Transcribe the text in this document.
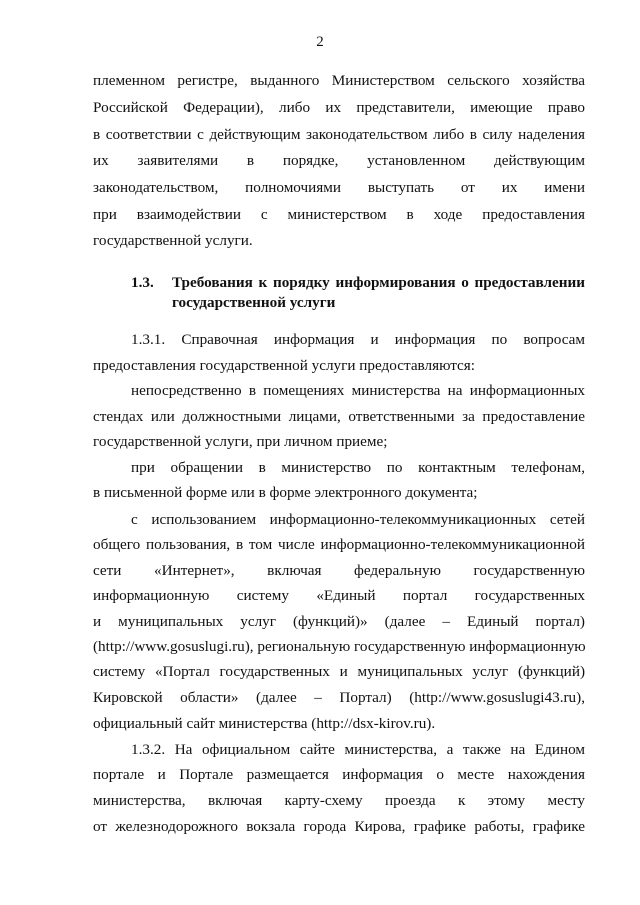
2
племенном регистре, выданного Министерством сельского хозяйства
Российской Федерации), либо их представители, имеющие право
в соответствии с действующим законодательством либо в силу наделения
их заявителями в порядке, установленном действующим
законодательством, полномочиями выступать от их имени
при взаимодействии с министерством в ходе предоставления
государственной услуги.
1.3. Требования к порядку информирования о предоставлении
государственной услуги
1.3.1. Справочная информация и информация по вопросам
предоставления государственной услуги предоставляются:
непосредственно в помещениях министерства на информационных
стендах или должностными лицами, ответственными за предоставление
государственной услуги, при личном приеме;
при обращении в министерство по контактным телефонам,
в письменной форме или в форме электронного документа;
с использованием информационно-телекоммуникационных сетей
общего пользования, в том числе информационно-телекоммуникационной
сети «Интернет», включая федеральную государственную
информационную систему «Единый портал государственных
и муниципальных услуг (функций)» (далее – Единый портал)
(http://www.gosuslugi.ru), региональную государственную информационную
систему «Портал государственных и муниципальных услуг (функций)
Кировской области» (далее – Портал) (http://www.gosuslugi43.ru),
официальный сайт министерства (http://dsx-kirov.ru).
1.3.2. На официальном сайте министерства, а также на Едином
портале и Портале размещается информация о месте нахождения
министерства, включая карту-схему проезда к этому месту
от железнодорожного вокзала города Кирова, графике работы, графике
